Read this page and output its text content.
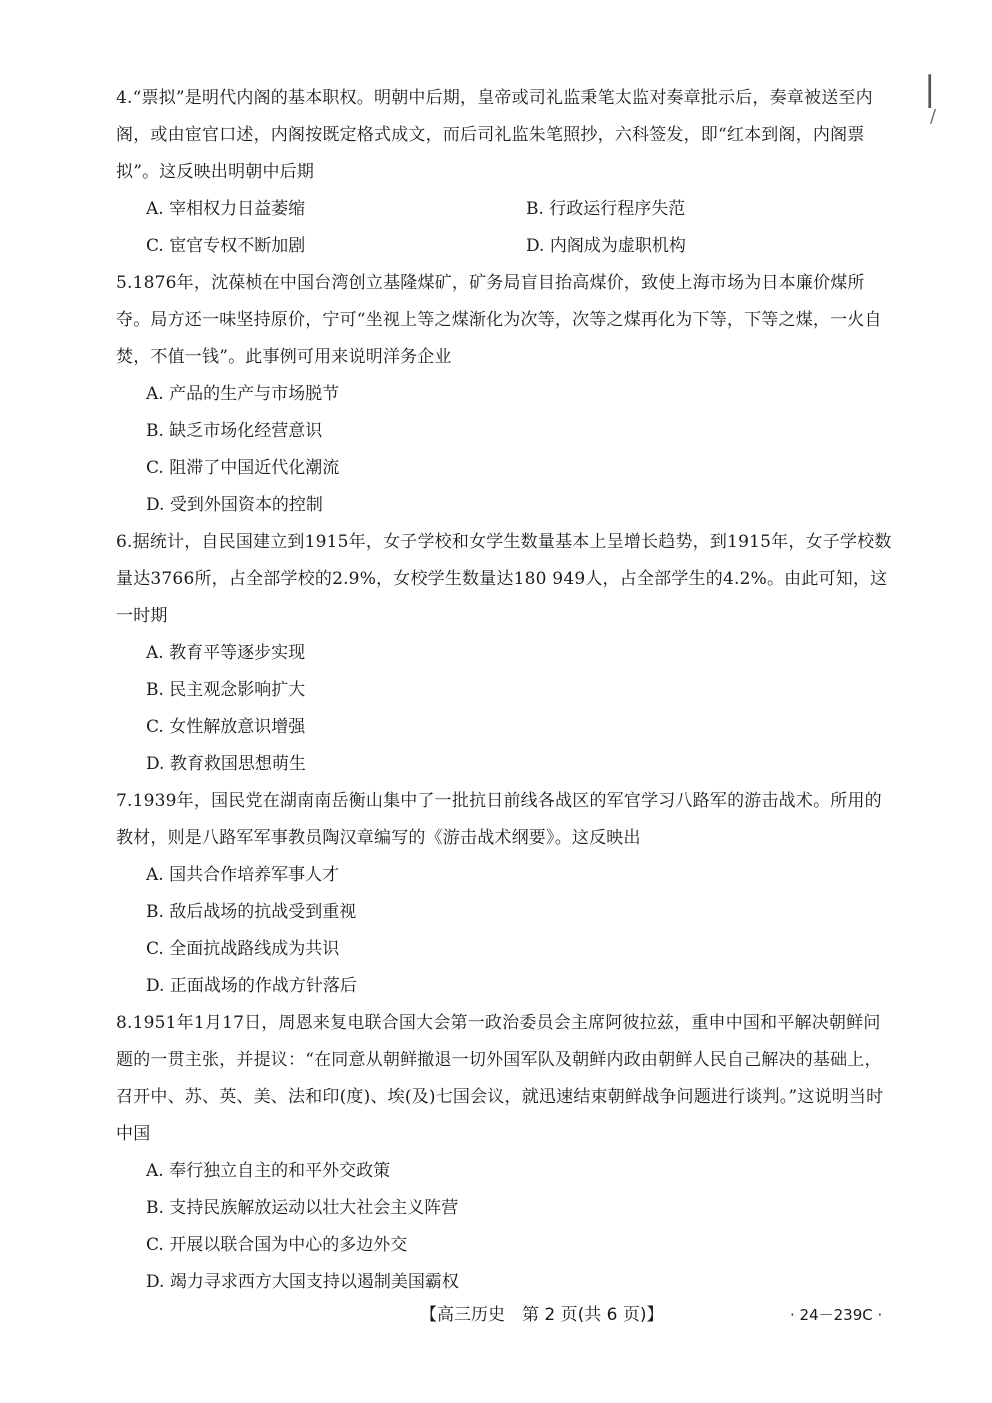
|
/

4.“票拟”是明代内阁的基本职权。明朝中后期，皇帝或司礼监秉笔太监对奏章批示后，奏章被送至内阁，或由宦官口述，内阁按既定格式成文，而后司礼监朱笔照抄，六科签发，即“红本到阁，内阁票拟”。这反映出明朝中后期

A. 宰相权力日益萎缩	B. 行政运行程序失范

C. 宦官专权不断加剧	D. 内阁成为虚职机构

5.1876年，沈葆桢在中国台湾创立基隆煤矿，矿务局盲目抬高煤价，致使上海市场为日本廉价煤所夺。局方还一味坚持原价，宁可“坐视上等之煤渐化为次等，次等之煤再化为下等，下等之煤，一火自焚，不值一钱”。此事例可用来说明洋务企业

A. 产品的生产与市场脱节

B. 缺乏市场化经营意识

C. 阻滞了中国近代化潮流

D. 受到外国资本的控制

6.据统计，自民国建立到1915年，女子学校和女学生数量基本上呈增长趋势，到1915年，女子学校数量达3766所，占全部学校的2.9%，女校学生数量达180 949人，占全部学生的4.2%。由此可知，这一时期

A. 教育平等逐步实现

B. 民主观念影响扩大

C. 女性解放意识增强

D. 教育救国思想萌生

7.1939年，国民党在湖南南岳衡山集中了一批抗日前线各战区的军官学习八路军的游击战术。所用的教材，则是八路军军事教员陶汉章编写的《游击战术纲要》。这反映出

A. 国共合作培养军事人才

B. 敌后战场的抗战受到重视

C. 全面抗战路线成为共识

D. 正面战场的作战方针落后

8.1951年1月17日，周恩来复电联合国大会第一政治委员会主席阿彼拉兹，重申中国和平解决朝鲜问题的一贯主张，并提议：“在同意从朝鲜撤退一切外国军队及朝鲜内政由朝鲜人民自己解决的基础上，召开中、苏、英、美、法和印(度)、埃(及)七国会议，就迅速结束朝鲜战争问题进行谈判。”这说明当时中国

A. 奉行独立自主的和平外交政策

B. 支持民族解放运动以壮大社会主义阵营

C. 开展以联合国为中心的多边外交

D. 竭力寻求西方大国支持以遏制美国霸权

【高三历史　第 2 页(共 6 页)】	· 24－239C ·
